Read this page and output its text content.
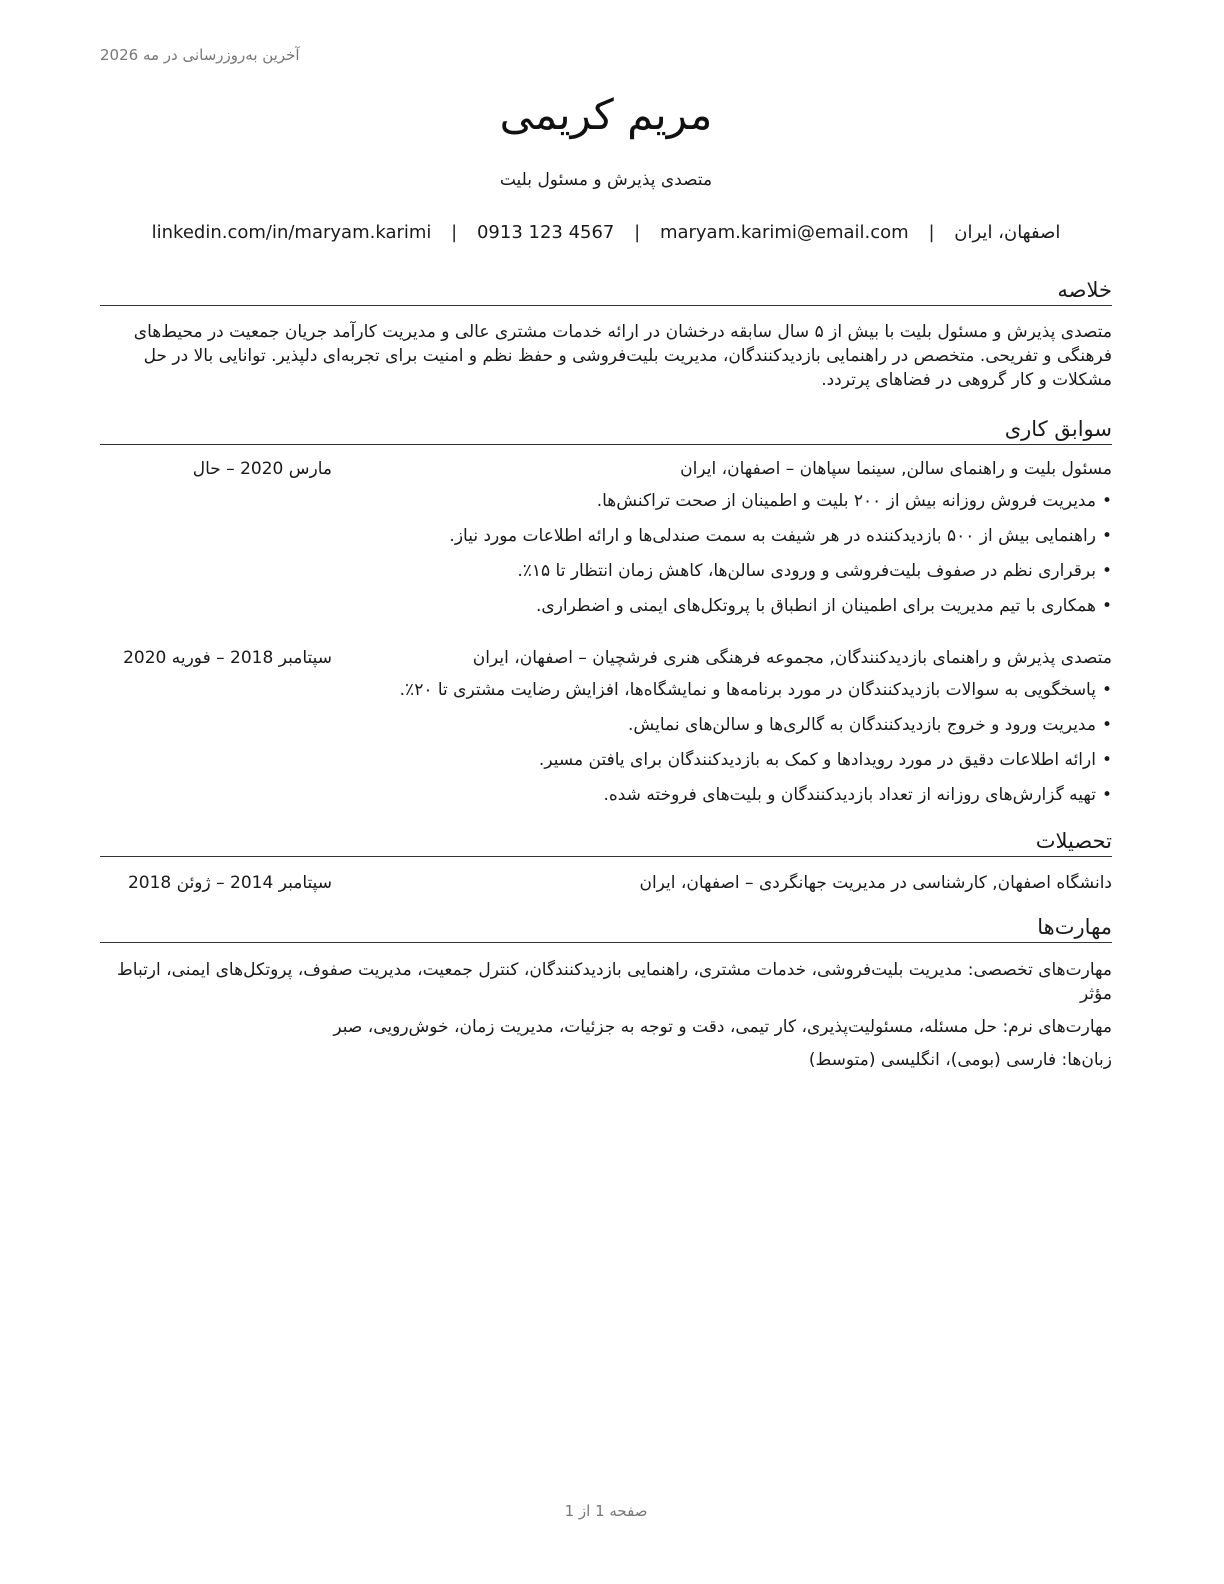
آخرین به‌روزرسانی در مه 2026
مریم کریمی
متصدی پذیرش و مسئول بلیت
اصفهان، ایران | maryam.karimi@email.com | 0913 123 4567 | linkedin.com/in/maryam.karimi
خلاصه
متصدی پذیرش و مسئول بلیت با بیش از ۵ سال سابقه درخشان در ارائه خدمات مشتری عالی و مدیریت کارآمد جریان جمعیت در محیط‌های فرهنگی و تفریحی. متخصص در راهنمایی بازدیدکنندگان، مدیریت بلیت‌فروشی و حفظ نظم و امنیت برای تجربه‌ای دلپذیر. توانایی بالا در حل مشکلات و کار گروهی در فضاهای پرتردد.
سوابق کاری
مسئول بلیت و راهنمای سالن, سینما سپاهان – اصفهان، ایران
مارس 2020 – حال
•مدیریت فروش روزانه بیش از ۲۰۰ بلیت و اطمینان از صحت تراکنش‌ها.
•راهنمایی بیش از ۵۰۰ بازدیدکننده در هر شیفت به سمت صندلی‌ها و ارائه اطلاعات مورد نیاز.
•برقراری نظم در صفوف بلیت‌فروشی و ورودی سالن‌ها، کاهش زمان انتظار تا ۱۵٪.
•همکاری با تیم مدیریت برای اطمینان از انطباق با پروتکل‌های ایمنی و اضطراری.
متصدی پذیرش و راهنمای بازدیدکنندگان, مجموعه فرهنگی هنری فرشچیان – اصفهان، ایران
سپتامبر 2018 – فوریه 2020
•پاسخگویی به سوالات بازدیدکنندگان در مورد برنامه‌ها و نمایشگاه‌ها، افزایش رضایت مشتری تا ۲۰٪.
•مدیریت ورود و خروج بازدیدکنندگان به گالری‌ها و سالن‌های نمایش.
•ارائه اطلاعات دقیق در مورد رویدادها و کمک به بازدیدکنندگان برای یافتن مسیر.
•تهیه گزارش‌های روزانه از تعداد بازدیدکنندگان و بلیت‌های فروخته شده.
تحصیلات
دانشگاه اصفهان, کارشناسی در مدیریت جهانگردی – اصفهان، ایران
سپتامبر 2014 – ژوئن 2018
مهارت‌ها
مهارت‌های تخصصی: مدیریت بلیت‌فروشی، خدمات مشتری، راهنمایی بازدیدکنندگان، کنترل جمعیت، مدیریت صفوف، پروتکل‌های ایمنی، ارتباط مؤثر
مهارت‌های نرم: حل مسئله، مسئولیت‌پذیری، کار تیمی، دقت و توجه به جزئیات، مدیریت زمان، خوش‌رویی، صبر
زبان‌ها: فارسی (بومی)، انگلیسی (متوسط)
صفحه 1 از 1
